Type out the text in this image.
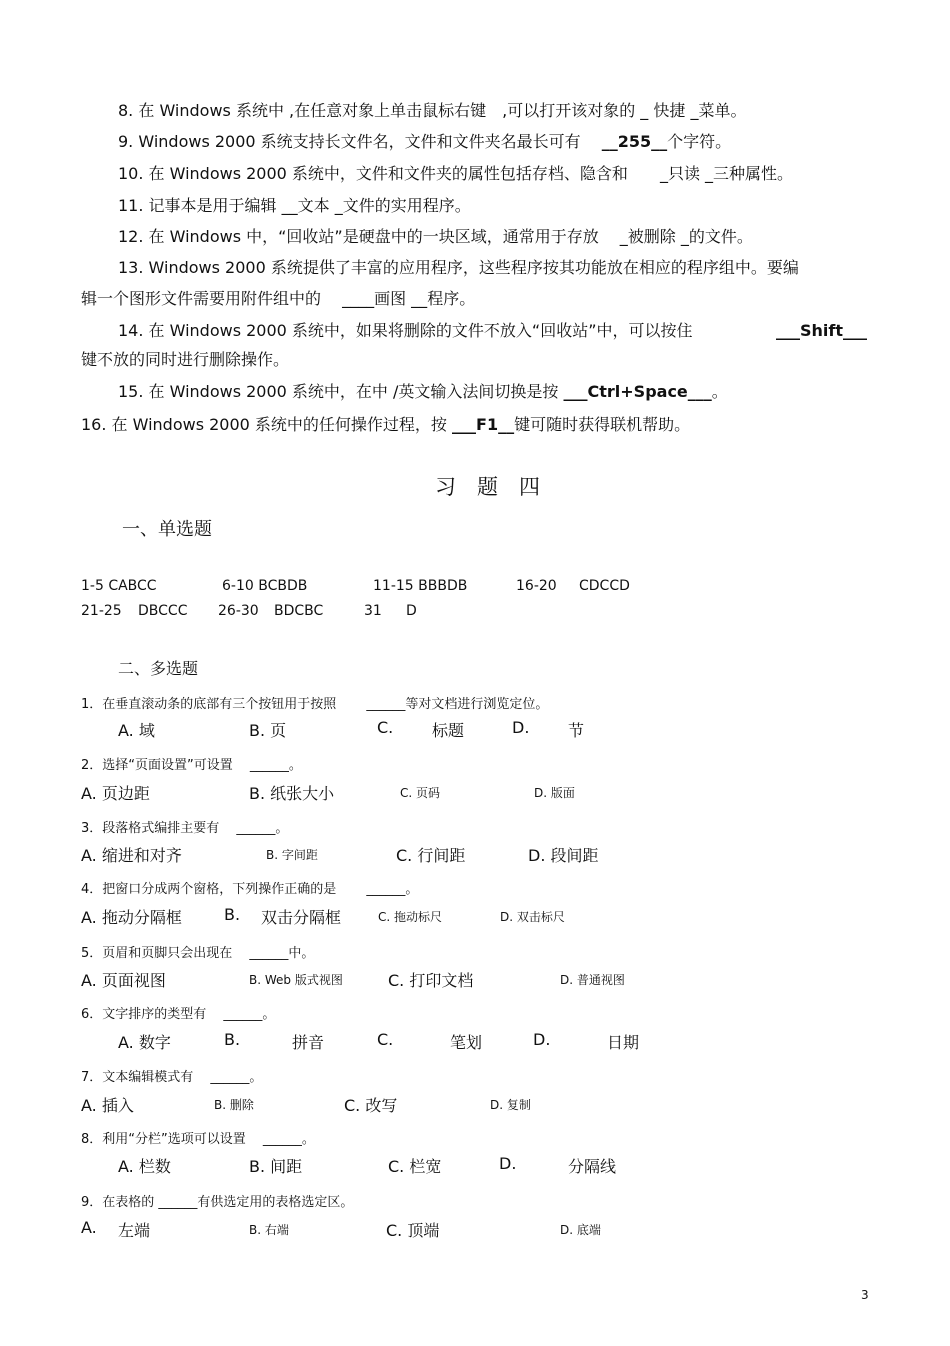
8. 在 Windows 系统中 ,在任意对象上单击鼠标右键　,可以打开该对象的 _ 快捷 _菜单。
9. Windows 2000 系统支持长文件名，文件和文件夹名最长可有　 __255__个字符。
10. 在 Windows 2000 系统中，文件和文件夹的属性包括存档、隐含和　　_只读 _三种属性。
11. 记事本是用于编辑 __文本 _文件的实用程序。
12. 在 Windows 中，“回收站”是硬盘中的一块区域，通常用于存放　 _被删除 _的文件。
13. Windows 2000 系统提供了丰富的应用程序，这些程序按其功能放在相应的程序组中。要编
辑一个图形文件需要用附件组中的　 ____画图 __程序。
14. 在 Windows 2000 系统中，如果将删除的文件不放入“回收站”中，可以按住	___Shift___
键不放的同时进行删除操作。
15. 在 Windows 2000 系统中，在中 /英文输入法间切换是按 ___Ctrl+Space___。
16. 在 Windows 2000 系统中的任何操作过程，按 ___F1__键可随时获得联机帮助。
习　题　四
一、单选题
1-5 CABCC	6-10 BCBDB	11-15 BBBDB	16-20 CDCCD
21-25 DBCCC 26-30 BDCBC	31 D
二、多选题
1．在垂直滚动条的底部有三个按钮用于按照　　 ______等对文档进行浏览定位。
A. 域	B. 页	C. 标题	D. 节
2．选择“页面设置”可设置　 ______。
A. 页边距	B. 纸张大小	C. 页码	D. 版面
3．段落格式编排主要有　 ______。
A. 缩进和对齐	B. 字间距	C. 行间距	D. 段间距
4．把窗口分成两个窗格，下列操作正确的是　　 ______。
A. 拖动分隔框	B. 双击分隔框	C. 拖动标尺	D. 双击标尺
5．页眉和页脚只会出现在　 ______中。
A. 页面视图	B. Web 版式视图	C. 打印文档	D. 普通视图
6．文字排序的类型有　 ______。
A. 数字	B.	拼音	C.	笔划	D.	日期
7．文本编辑模式有　 ______。
A. 插入	B. 删除	C. 改写	D. 复制
8．利用“分栏”选项可以设置　 ______。
A. 栏数	B. 间距	C. 栏宽	D.	分隔线
9．在表格的 ______有供选定用的表格选定区。
A. 左端	B. 右端	C. 顶端	D. 底端
3
